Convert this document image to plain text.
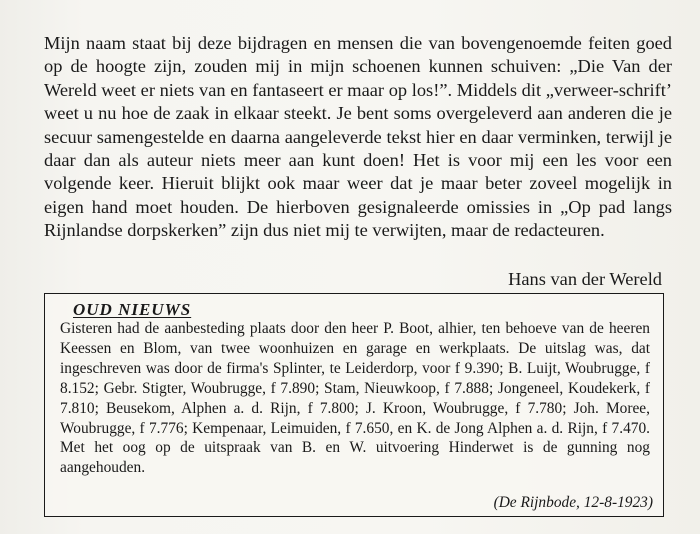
Mijn naam staat bij deze bijdragen en mensen die van bovengenoemde feiten goed op de hoogte zijn, zouden mij in mijn schoenen kunnen schuiven: „Die Van der Wereld weet er niets van en fantaseert er maar op los!”. Middels dit „verweer-schrift’ weet u nu hoe de zaak in elkaar steekt. Je bent soms overgeleverd aan anderen die je secuur samengestelde en daarna aangeleverde tekst hier en daar verminken, terwijl je daar dan als auteur niets meer aan kunt doen! Het is voor mij een les voor een volgende keer. Hieruit blijkt ook maar weer dat je maar beter zoveel mogelijk in eigen hand moet houden. De hierboven gesignaleerde omissies in „Op pad langs Rijnlandse dorpskerken” zijn dus niet mij te verwijten, maar de redacteuren.

Hans van der Wereld
OUD NIEUWS

Gisteren had de aanbesteding plaats door den heer P. Boot, alhier, ten behoeve van de heeren Keessen en Blom, van twee woonhuizen en garage en werkplaats. De uitslag was, dat ingeschreven was door de firma's Splinter, te Leiderdorp, voor f 9.390; B. Luijt, Woubrugge, f 8.152; Gebr. Stigter, Woubrugge, f 7.890; Stam, Nieuwkoop, f 7.888; Jongeneel, Koudekerk, f 7.810; Beusekom, Alphen a. d. Rijn, f 7.800; J. Kroon, Woubrugge, f 7.780; Joh. Moree, Woubrugge, f 7.776; Kempenaar, Leimuiden, f 7.650, en K. de Jong Alphen a. d. Rijn, f 7.470. Met het oog op de uitspraak van B. en W. uitvoering Hinderwet is de gunning nog aangehouden.

(De Rijnbode, 12-8-1923)
